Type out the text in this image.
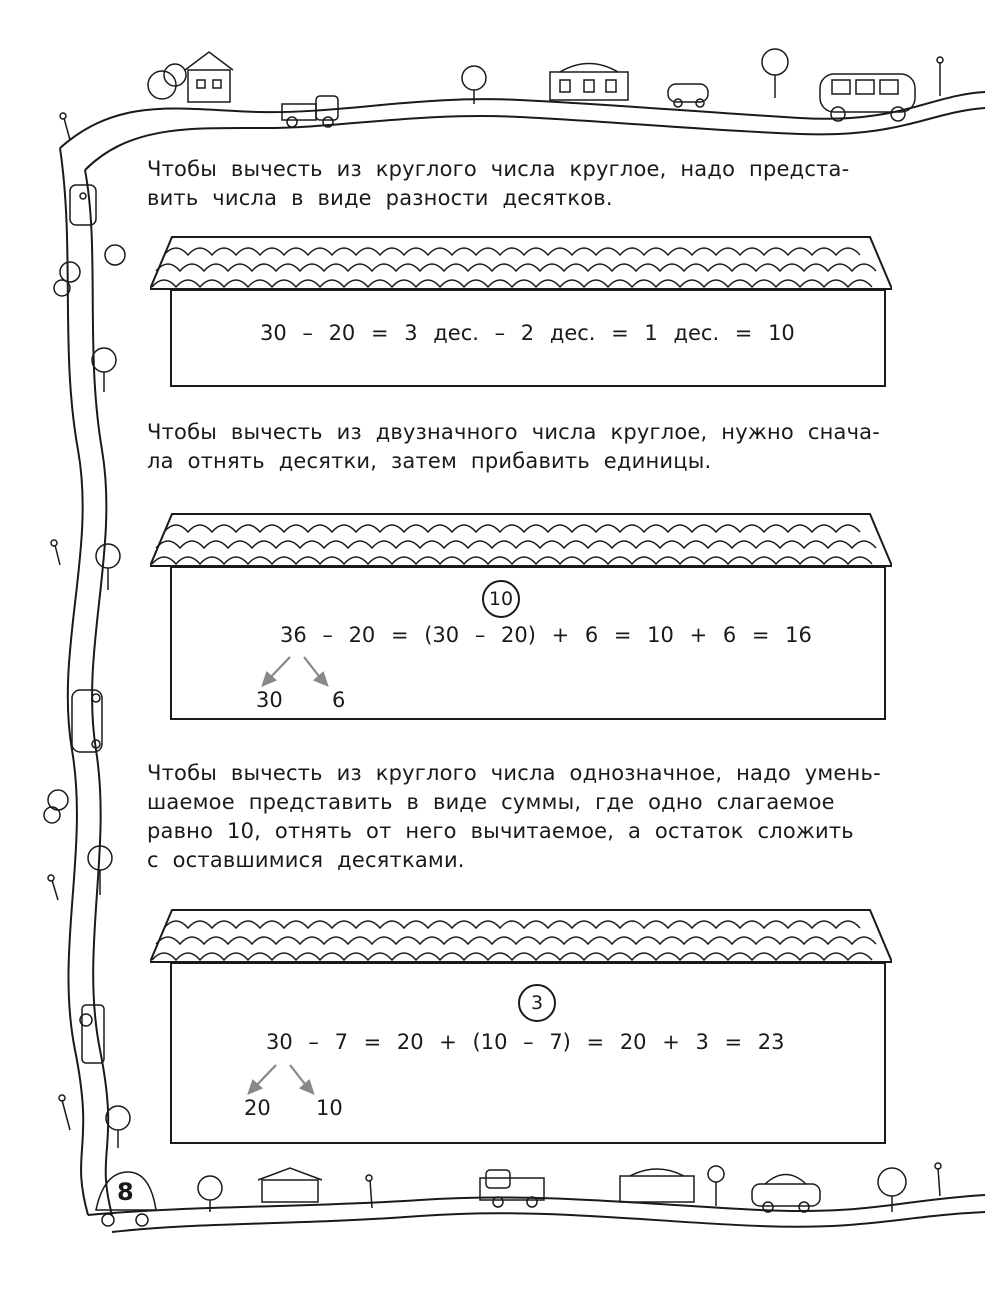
8
Чтобы вычесть из круглого числа круглое, надо предста-
вить числа в виде разности десятков.
30 – 20 = 3 дес. – 2 дес. = 1 дес. = 10
Чтобы вычесть из двузначного числа круглое, нужно снача-
ла отнять десятки, затем прибавить единицы.
10
36 – 20 = (30 – 20) + 6 = 10 + 6 = 16
30 6
Чтобы вычесть из круглого числа однозначное, надо умень-
шаемое представить в виде суммы, где одно слагаемое
равно 10, отнять от него вычитаемое, а остаток сложить
с оставшимися десятками.
3
30 – 7 = 20 + (10 – 7) = 20 + 3 = 23
20 10
